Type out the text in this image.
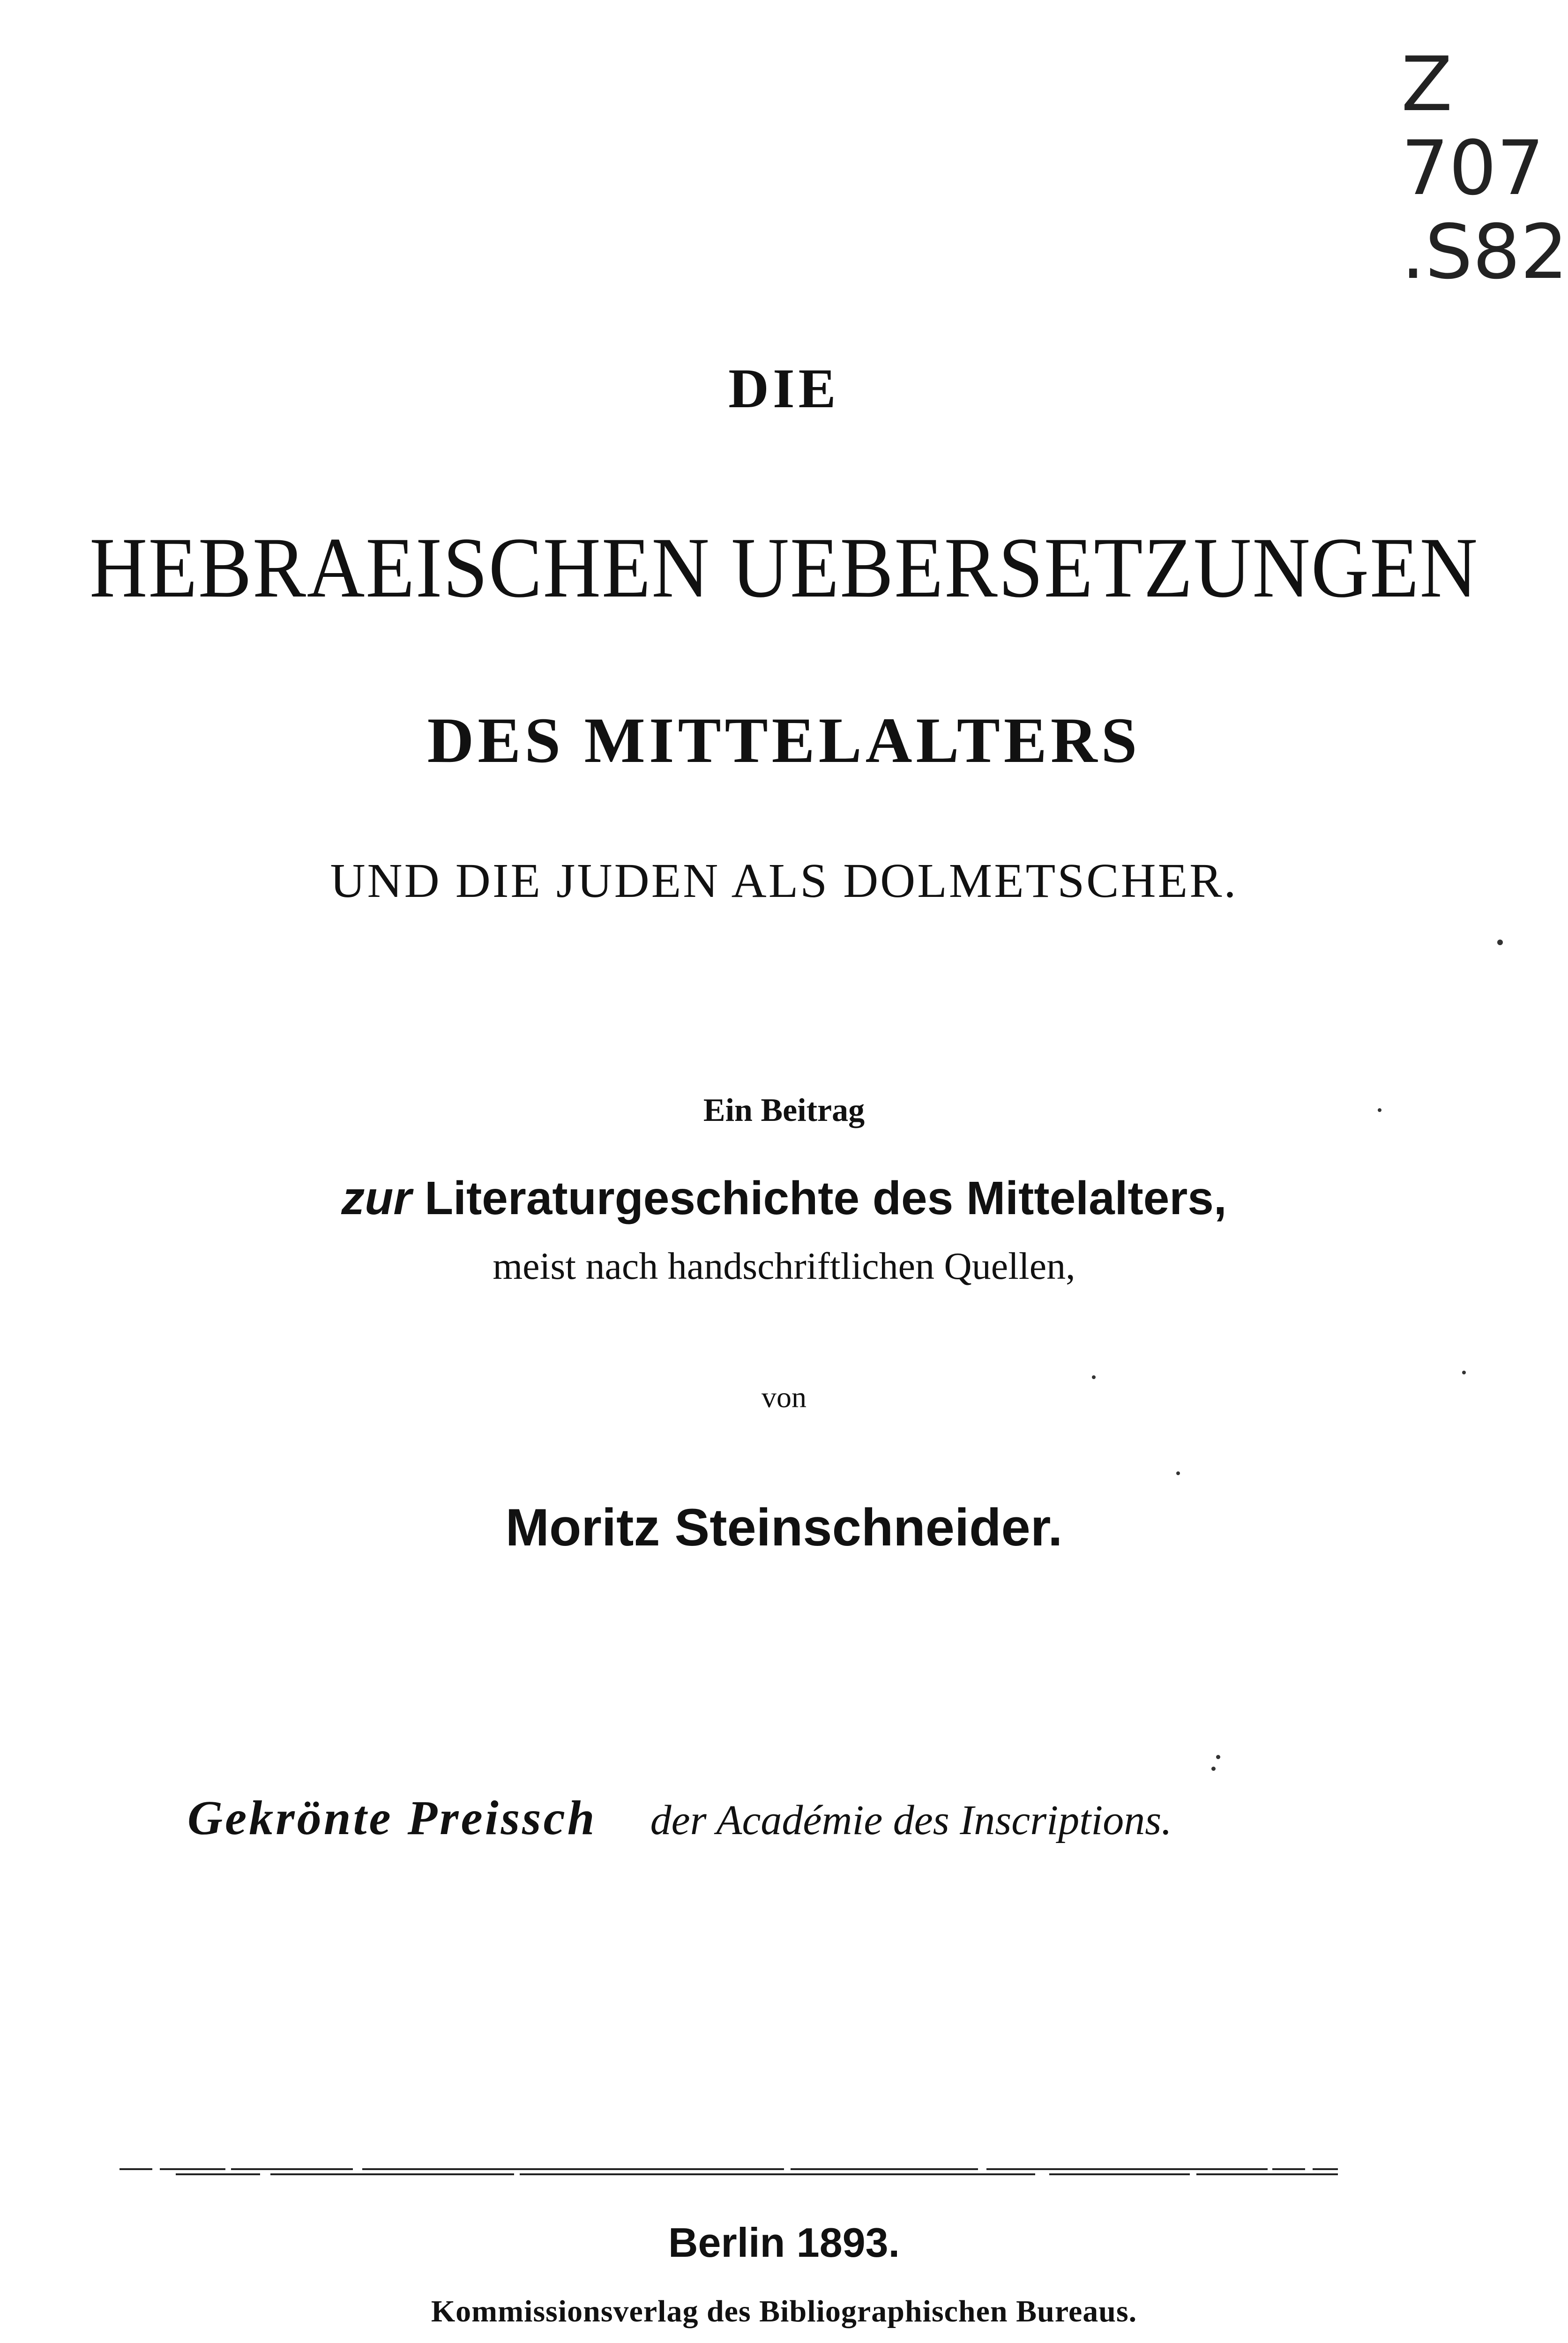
Z
707
.S82
DIE
HEBRAEISCHEN UEBERSETZUNGEN
DES MITTELALTERS
UND DIE JUDEN ALS DOLMETSCHER.
Ein Beitrag
zur Literaturgeschichte des Mittelalters,
meist nach handschriftlichen Quellen,
von
Moritz Steinschneider.
Gekrönte Preissch der Académie des Inscriptions.
Berlin 1893.
Kommissionsverlag des Bibliographischen Bureaus.
